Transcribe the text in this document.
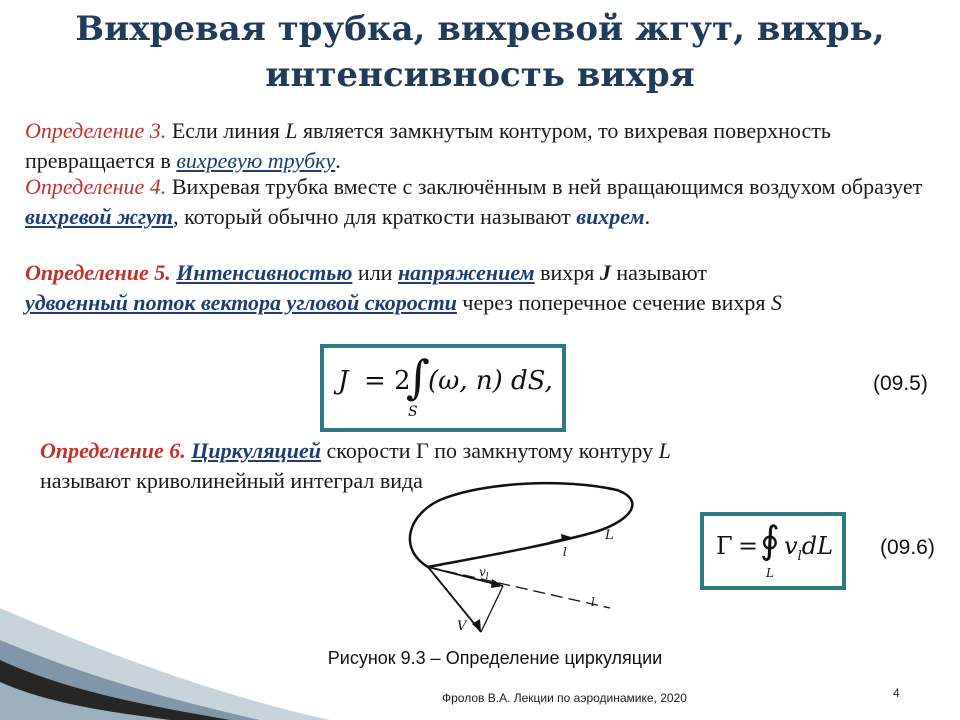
Вихревая трубка, вихревой жгут, вихрь,
интенсивность вихря
Определение 3. Если линия L является замкнутым контуром, то вихревая поверхность превращается в вихревую трубку.
Определение 4. Вихревая трубка вместе с заключённым в ней вращающимся воздухом образует вихревой жгут, который обычно для краткости называют вихрем.
Определение 5. Интенсивностью или напряжением вихря J называют
удвоенный поток вектора угловой скорости через поперечное сечение вихря S
J = 2
∫
S
(ω, n) dS,	(09.5)
Определение 6. Циркуляцией скорости Г по замкнутому контуру L
называют криволинейный интеграл вида
L
l
l
$v_l$
V
Γ = ∮
L
$v_ldL$ (09.6)
Рисунок 9.3 – Определение циркуляции
Фролов В.А. Лекции по аэродинамике, 2020	4
